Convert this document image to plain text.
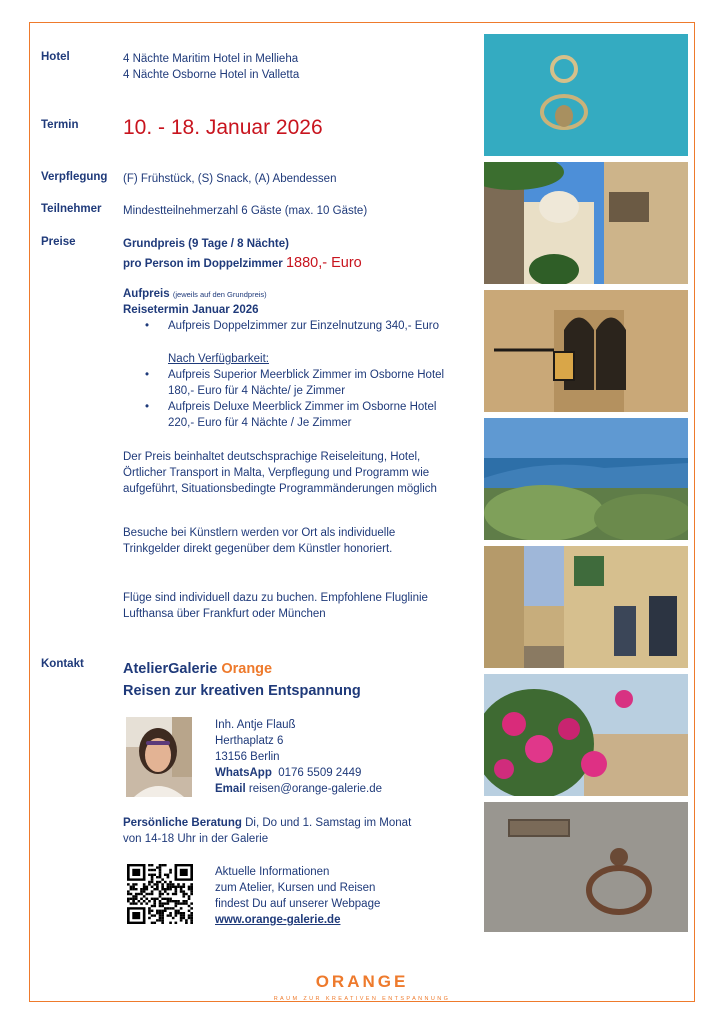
Hotel	4 Nächte Maritim Hotel in Mellieha
4 Nächte Osborne Hotel in Valletta
Termin 10. - 18. Januar 2026
Verpflegung (F) Frühstück, (S) Snack, (A) Abendessen
Teilnehmer Mindestteilnehmerzahl 6 Gäste (max. 10 Gäste)
Preise	Grundpreis (9 Tage / 8 Nächte)
pro Person im Doppelzimmer 1880,- Euro
Aufpreis (jeweils auf den Grundpreis)
Reisetermin Januar 2026
• Aufpreis Doppelzimmer zur Einzelnutzung 340,- Euro
Nach Verfügbarkeit:
• Aufpreis Superior Meerblick Zimmer im Osborne Hotel
180,- Euro für 4 Nächte/ je Zimmer
• Aufpreis Deluxe Meerblick Zimmer im Osborne Hotel
220,- Euro für 4 Nächte / Je Zimmer
Der Preis beinhaltet deutschsprachige Reiseleitung, Hotel,
Örtlicher Transport in Malta, Verpflegung und Programm wie
aufgeführt, Situationsbedingte Programmänderungen möglich
Besuche bei Künstlern werden vor Ort als individuelle
Trinkgelder direkt gegenüber dem Künstler honoriert.
Flüge sind individuell dazu zu buchen. Empfohlene Fluglinie
Lufthansa über Frankfurt oder München
Kontakt	AtelierGalerie Orange
Reisen zur kreativen Entspannung
Inh. Antje Flauß
Herthaplatz 6
13156 Berlin
WhatsApp 0176 5509 2449
Email reisen@orange-galerie.de
Persönliche Beratung Di, Do und 1. Samstag im Monat
von 14-18 Uhr in der Galerie
Aktuelle Informationen
zum Atelier, Kursen und Reisen
findest Du auf unserer Webpage
www.orange-galerie.de
ORANGE
RAUM ZUR KREATIVEN ENTSPANNUNG
